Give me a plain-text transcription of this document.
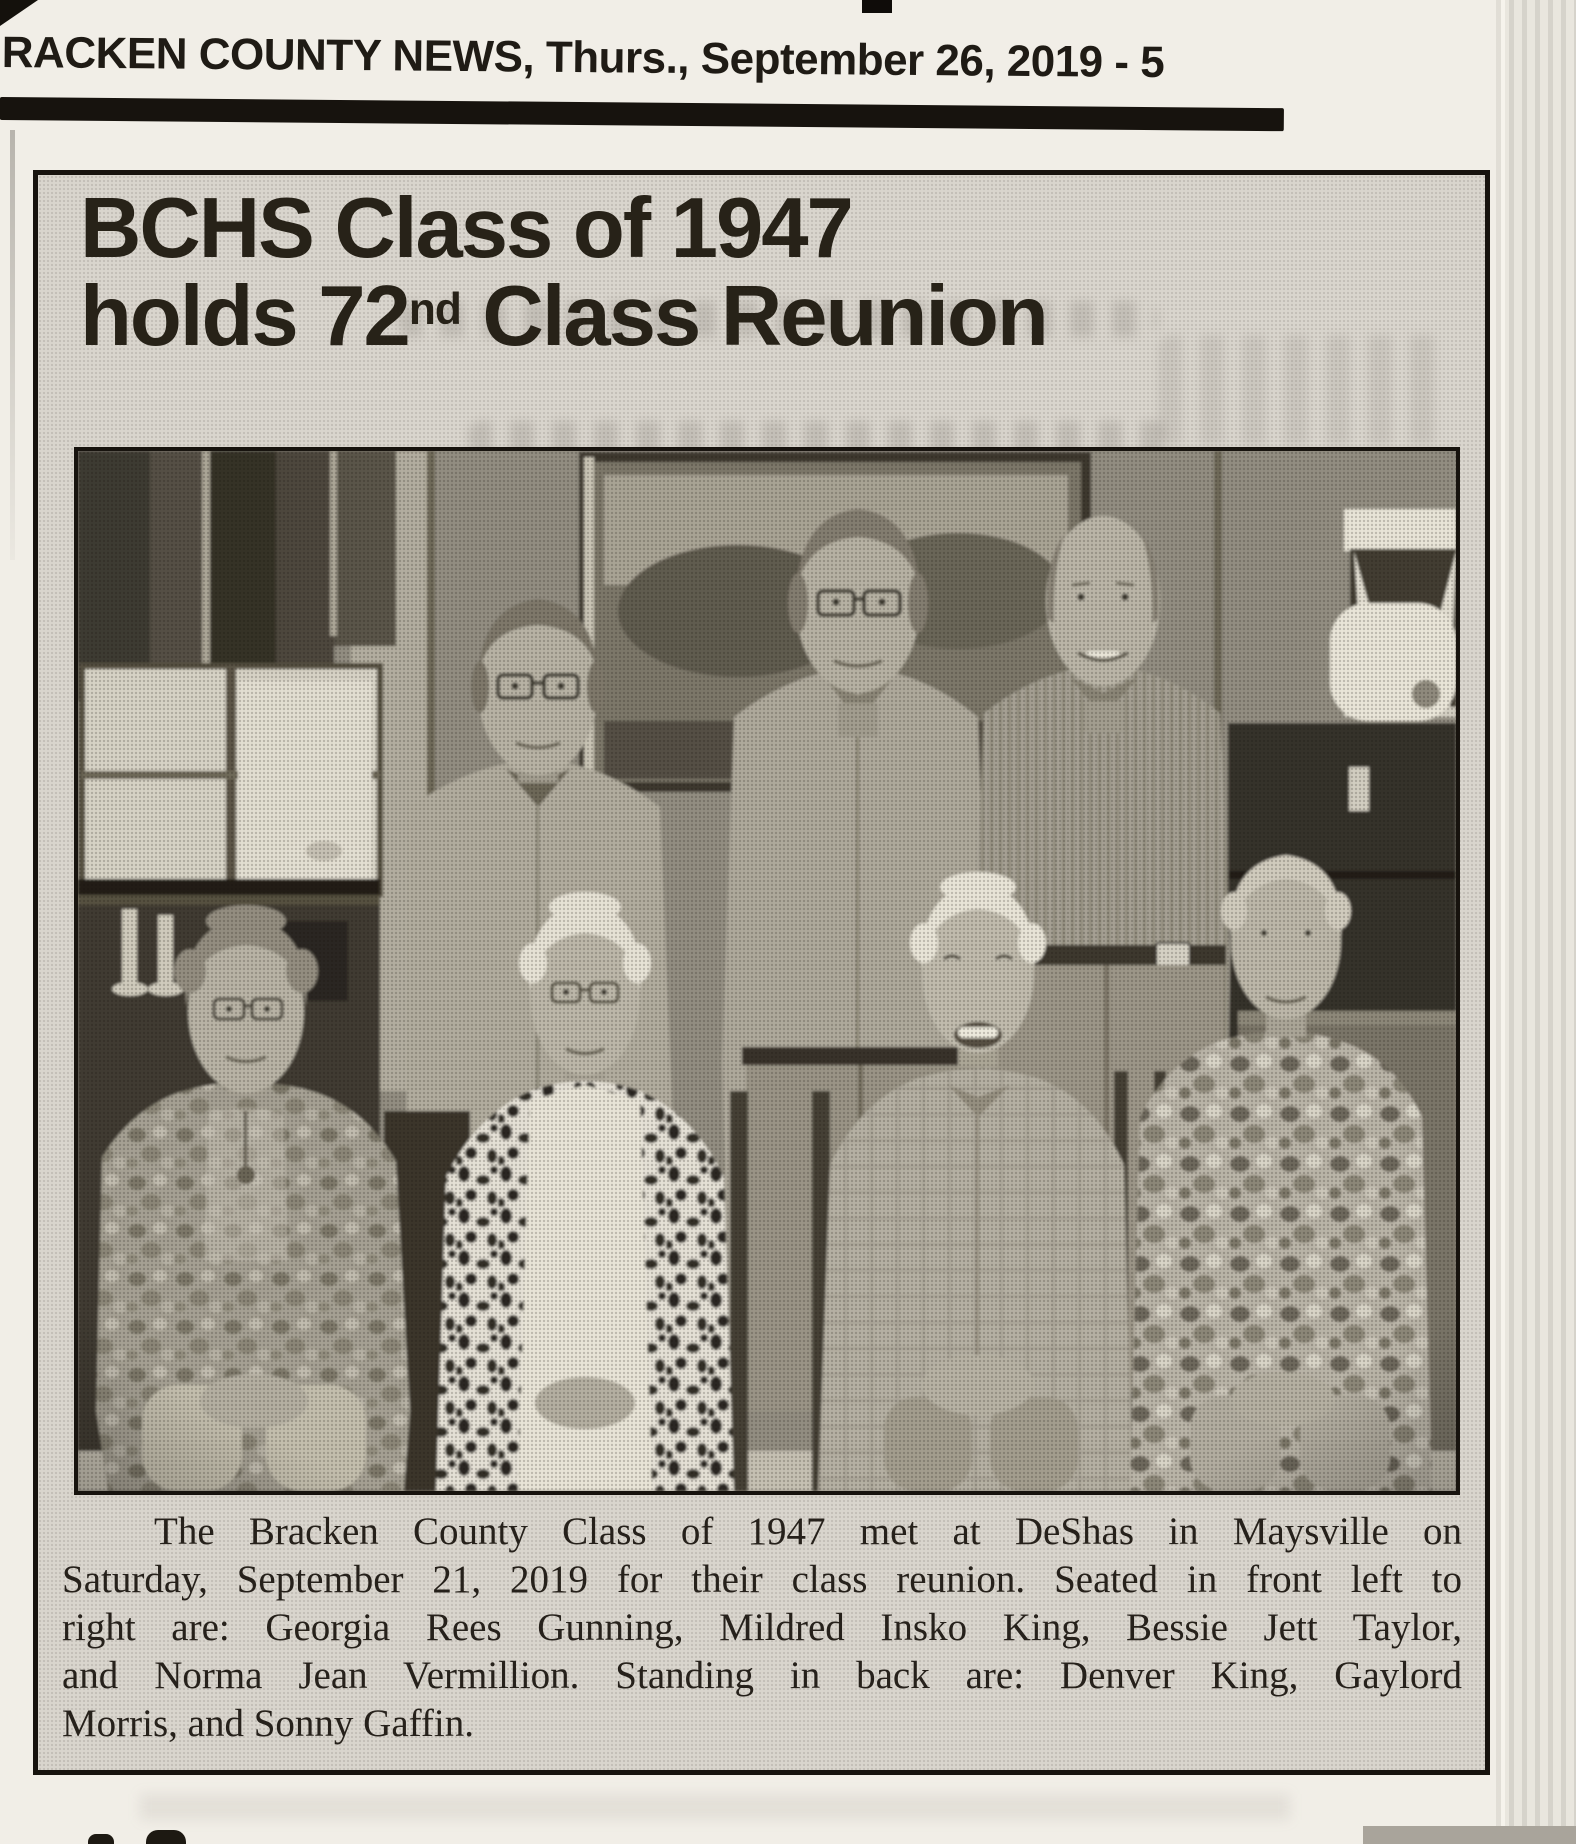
RACKEN COUNTY NEWS, Thurs., September 26, 2019 - 5
BCHS Class of 1947
holds 72nd Class Reunion

The Bracken County Class of 1947 met at DeShas in Maysville on

Saturday, September 21, 2019 for their class reunion. Seated in front left to

right are: Georgia Rees Gunning, Mildred Insko King, Bessie Jett Taylor,

and Norma Jean Vermillion. Standing in back are: Denver King, Gaylord

Morris, and Sonny Gaffin.
